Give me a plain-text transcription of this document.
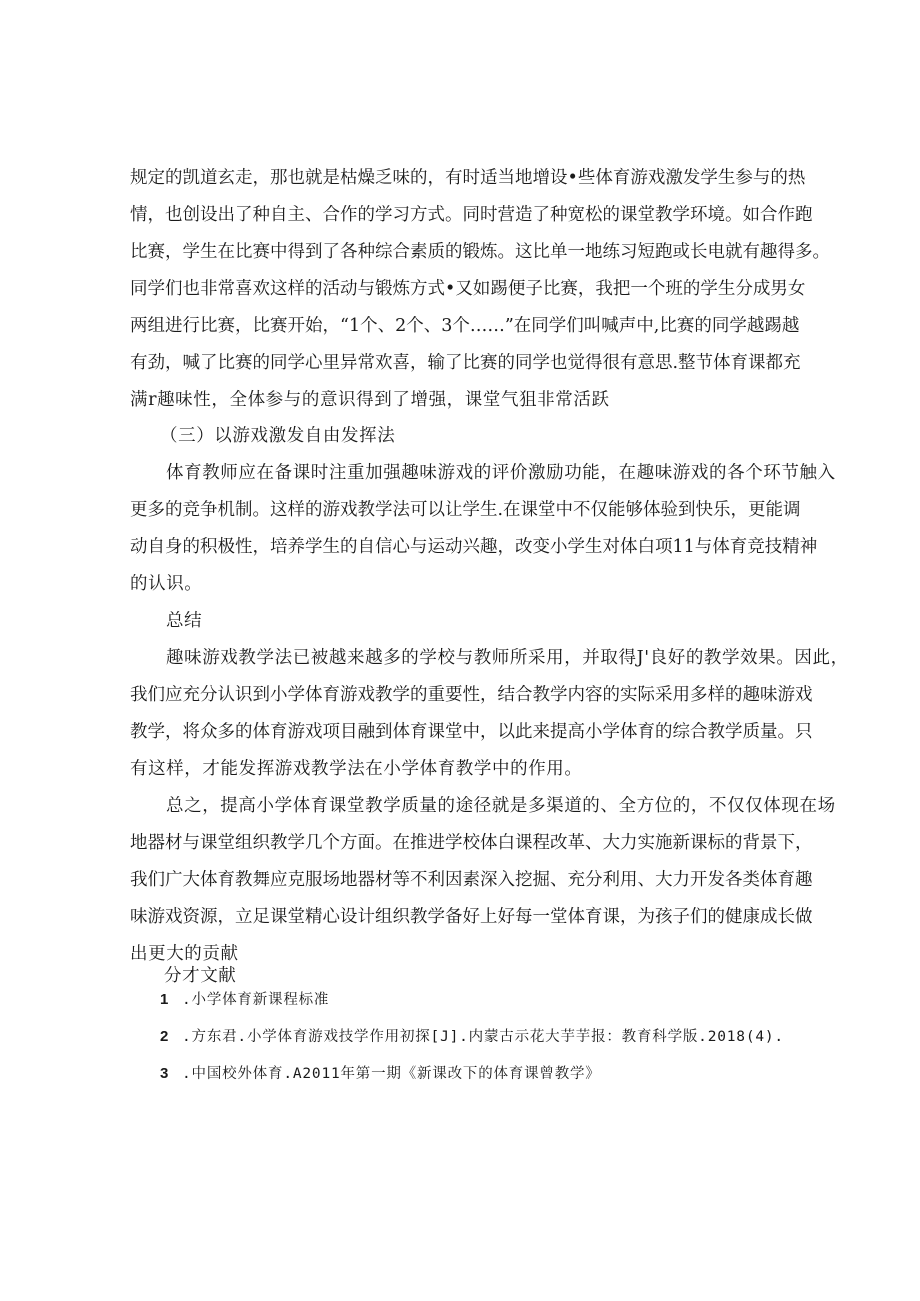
规定的凯道玄走，那也就是枯燥乏味的，有时适当地增设•些体育游戏激发学生参与的热
情，也创设出了种自主、合作的学习方式。同时营造了种宽松的课堂教学环境。如合作跑
比赛，学生在比赛中得到了各种综合素质的锻炼。这比单一地练习短跑或长电就有趣得多。
同学们也非常喜欢这样的活动与锻炼方式•又如踢便子比赛，我把一个班的学生分成男女
两组进行比赛，比赛开始，“1个、2个、3个……”在同学们叫喊声中,比赛的同学越踢越
有劲，喊了比赛的同学心里异常欢喜，输了比赛的同学也觉得很有意思.整节体育课都充
满r趣味性，全体参与的意识得到了增强，课堂气狙非常活跃
（三）以游戏激发自由发挥法
体育教师应在备课时注重加强趣味游戏的评价激励功能，在趣味游戏的各个环节触入
更多的竞争机制。这样的游戏教学法可以让学生.在课堂中不仅能够体验到快乐，更能调
动自身的积极性，培养学生的自信心与运动兴趣，改变小学生对体白项11与体育竞技精神
的认识。
总结
趣味游戏教学法已被越来越多的学校与教师所采用，并取得J'良好的教学效果。因此，
我们应充分认识到小学体育游戏教学的重要性，结合教学内容的实际采用多样的趣味游戏
教学，将众多的体育游戏项目融到体育课堂中，以此来提高小学体育的综合教学质量。只
有这样，才能发挥游戏教学法在小学体育教学中的作用。
总之，提高小学体育课堂教学质量的途径就是多渠道的、全方位的，不仅仅体现在场
地器材与课堂组织教学几个方面。在推进学校体白课程改革、大力实施新课标的背景下，
我们广大体育教舞应克服场地器材等不利因素深入挖掘、充分利用、大力开发各类体育趣
味游戏资源，立足课堂精心设计组织教学备好上好每一堂体育课，为孩子们的健康成长做
出更大的贡献
分才文献
1 .小学体育新课程标准
2 .方东君.小学体育游戏技学作用初探[J].内蒙古示花大芋芋报：教育科学版.2018(4).
3 .中国校外体育.A2011年第一期《新课改下的体育课曾教学》
